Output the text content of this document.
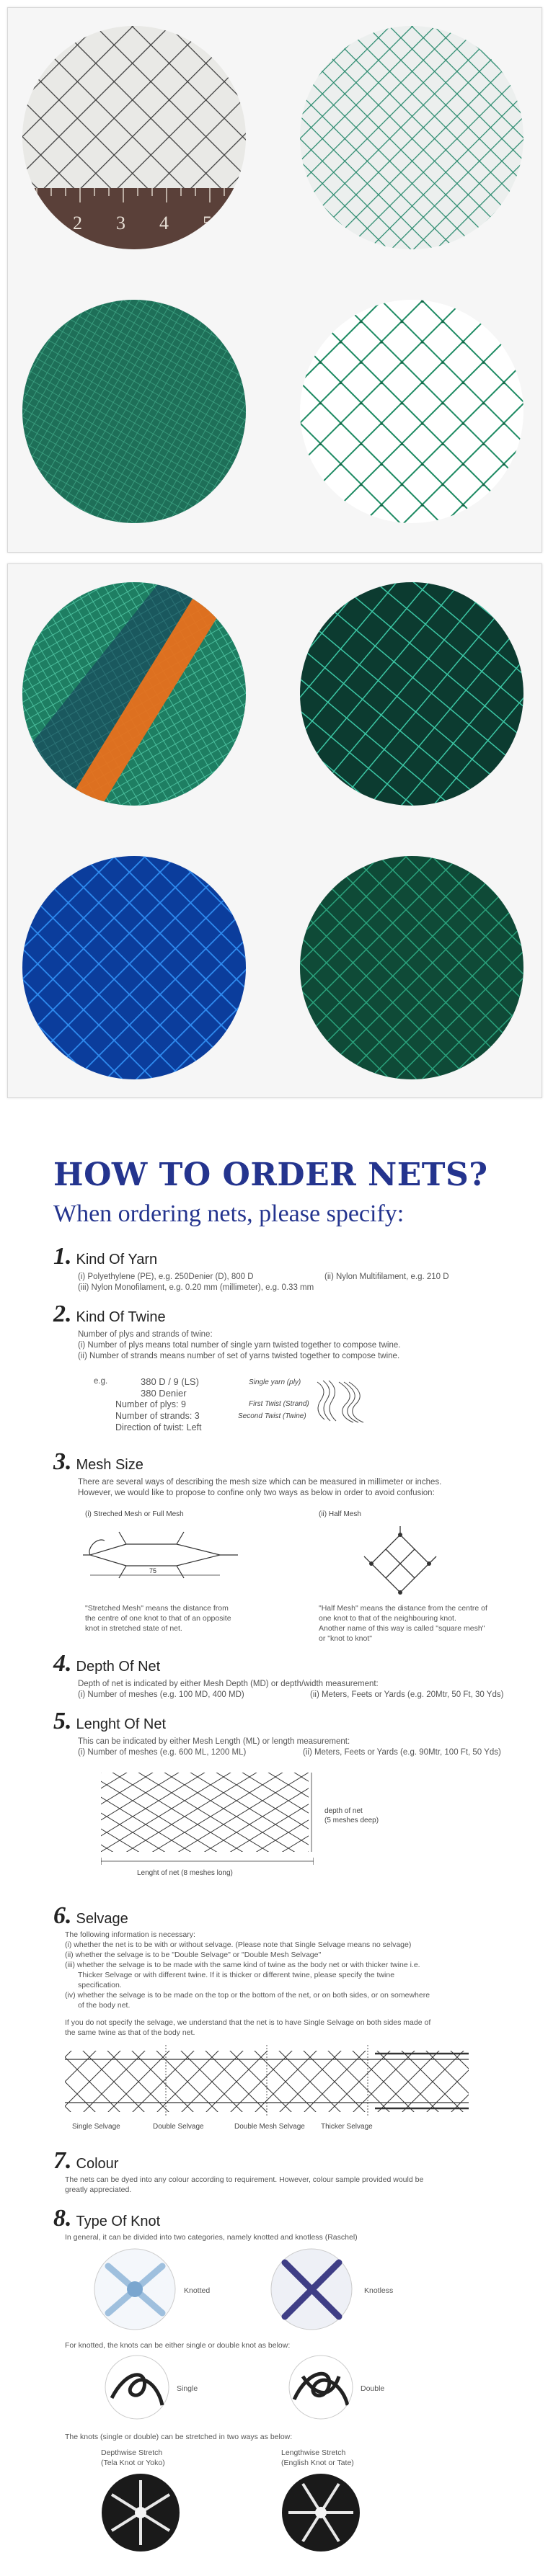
2 3 4 5
HOW TO ORDER NETS?
When ordering nets, please specify:
1. Kind Of Yarn
(i) Polyethylene (PE), e.g. 250Denier (D), 800 D	(ii) Nylon Multifilament, e.g. 210 D
(iii) Nylon Monofilament, e.g. 0.20 mm (millimeter), e.g. 0.33 mm
2. Kind Of Twine
Number of plys and strands of twine:
(i) Number of plys means total number of single yarn twisted together to compose twine.
(ii) Number of strands means number of set of yarns twisted together to compose twine.
e.g.	380 D / 9 (LS)
380 Denier
Number of plys: 9
Number of strands: 3
Direction of twist: Left
Single yarn (ply)
First Twist (Strand)
Second Twist (Twine)
3. Mesh Size
There are several ways of describing the mesh size which can be measured in millimeter or inches.
However, we would like to propose to confine only two ways as below in order to avoid confusion:
(i) Streched Mesh or Full Mesh	(ii) Half Mesh
75
"Stretched Mesh" means the distance from
the centre of one knot to that of an opposite
knot in stretched state of net.
"Half Mesh" means the distance from the centre of
one knot to that of the neighbouring knot.
Another name of this way is called "square mesh"
or "knot to knot"
4. Depth Of Net
Depth of net is indicated by either Mesh Depth (MD) or depth/width measurement:
(i) Number of meshes (e.g. 100 MD, 400 MD)	(ii) Meters, Feets or Yards (e.g. 20Mtr, 50 Ft, 30 Yds)
5. Lenght Of Net
This can be indicated by either Mesh Length (ML) or length measurement:
(i) Number of meshes (e.g. 600 ML, 1200 ML)	(ii) Meters, Feets or Yards (e.g. 90Mtr, 100 Ft, 50 Yds)
depth of net
(5 meshes deep)
Lenght of net (8 meshes long)
6. Selvage
The following information is necessary:
(i) whether the net is to be with or without selvage. (Please note that Single Selvage means no selvage)
(ii) whether the selvage is to be "Double Selvage" or "Double Mesh Selvage"
(iii) whether the selvage is to be made with the same kind of twine as the body net or with thicker twine i.e.
Thicker Selvage or with different twine. If it is thicker or different twine, please specify the twine
specification.
(iv) whether the selvage is to be made on the top or the bottom of the net, or on both sides, or on somewhere
of the body net.
If you do not specify the selvage, we understand that the net is to have Single Selvage on both sides made of
the same twine as that of the body net.
Single Selvage	Double Selvage	Double Mesh Selvage Thicker Selvage
7. Colour
The nets can be dyed into any colour according to requirement. However, colour sample provided would be
greatly appreciated.
8. Type Of Knot
In general, it can be divided into two categories, namely knotted and knotless (Raschel)
Knotted	Knotless
For knotted, the knots can be either single or double knot as below:
Single	Double
The knots (single or double) can be stretched in two ways as below:
Depthwise Stretch
(Tela Knot or Yoko)
Lengthwise Stretch
(English Knot or Tate)
